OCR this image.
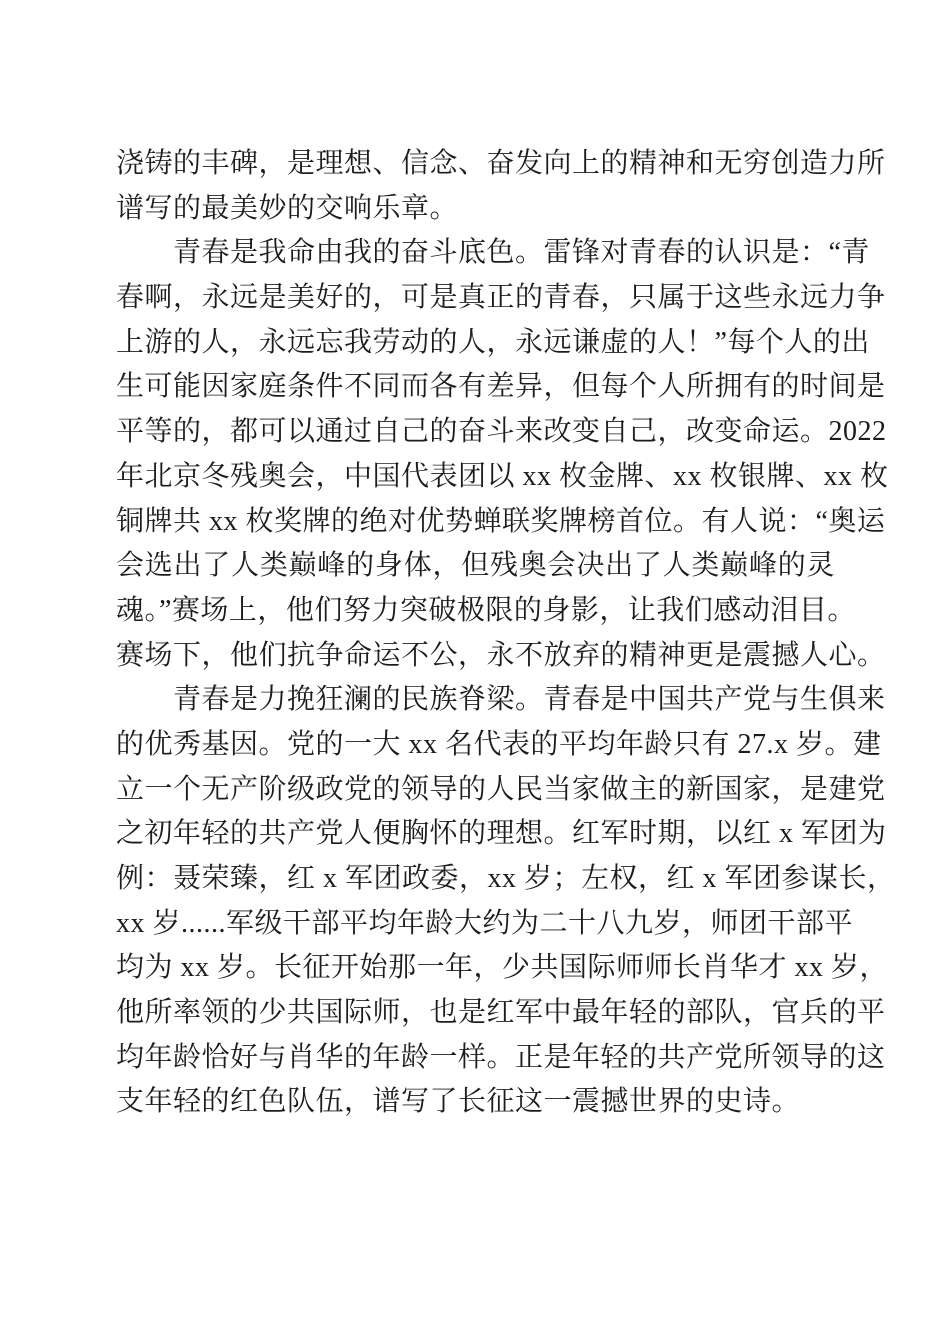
浇铸的丰碑，是理想、信念、奋发向上的精神和无穷创造力所
谱写的最美妙的交响乐章。
青春是我命由我的奋斗底色。雷锋对青春的认识是：“青
春啊，永远是美好的，可是真正的青春，只属于这些永远力争
上游的人，永远忘我劳动的人，永远谦虚的人！”每个人的出
生可能因家庭条件不同而各有差异，但每个人所拥有的时间是
平等的，都可以通过自己的奋斗来改变自己，改变命运。2022
年北京冬残奥会，中国代表团以 xx 枚金牌、xx 枚银牌、xx 枚
铜牌共 xx 枚奖牌的绝对优势蝉联奖牌榜首位。有人说：“奥运
会选出了人类巅峰的身体，但残奥会决出了人类巅峰的灵
魂。”赛场上，他们努力突破极限的身影，让我们感动泪目。
赛场下，他们抗争命运不公，永不放弃的精神更是震撼人心。
青春是力挽狂澜的民族脊梁。青春是中国共产党与生俱来
的优秀基因。党的一大 xx 名代表的平均年龄只有 27.x 岁。建
立一个无产阶级政党的领导的人民当家做主的新国家，是建党
之初年轻的共产党人便胸怀的理想。红军时期，以红 x 军团为
例：聂荣臻，红 x 军团政委，xx 岁；左权，红 x 军团参谋长，
xx 岁......军级干部平均年龄大约为二十八九岁，师团干部平
均为 xx 岁。长征开始那一年，少共国际师师长肖华才 xx 岁，
他所率领的少共国际师，也是红军中最年轻的部队，官兵的平
均年龄恰好与肖华的年龄一样。正是年轻的共产党所领导的这
支年轻的红色队伍，谱写了长征这一震撼世界的史诗。
